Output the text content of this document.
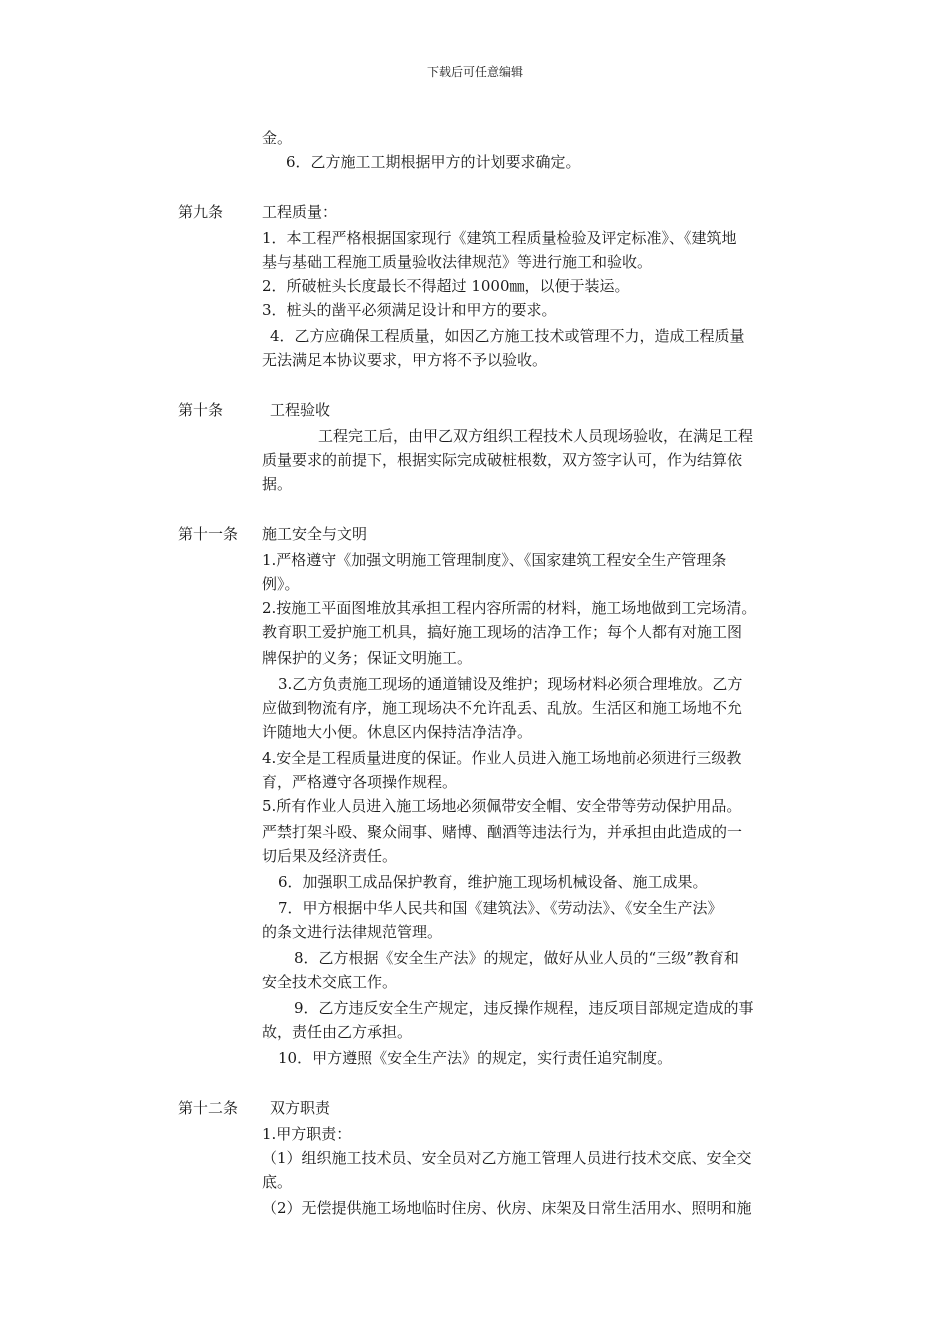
下载后可任意编辑
金。
6．乙方施工工期根据甲方的计划要求确定。
第九条	工程质量：
1．本工程严格根据国家现行《建筑工程质量检验及评定标准》、《建筑地
基与基础工程施工质量验收法律规范》等进行施工和验收。
2．所破桩头长度最长不得超过 1000㎜，以便于装运。
3．桩头的凿平必须满足设计和甲方的要求。
4．乙方应确保工程质量，如因乙方施工技术或管理不力，造成工程质量
无法满足本协议要求，甲方将不予以验收。
第十条	工程验收
工程完工后，由甲乙双方组织工程技术人员现场验收，在满足工程
质量要求的前提下，根据实际完成破桩根数，双方签字认可，作为结算依
据。
第十一条 施工安全与文明
1.严格遵守《加强文明施工管理制度》、《国家建筑工程安全生产管理条
例》。
2.按施工平面图堆放其承担工程内容所需的材料，施工场地做到工完场清。
教育职工爱护施工机具，搞好施工现场的洁净工作；每个人都有对施工图
牌保护的义务；保证文明施工。
3.乙方负责施工现场的通道铺设及维护；现场材料必须合理堆放。乙方
应做到物流有序，施工现场决不允许乱丢、乱放。生活区和施工场地不允
许随地大小便。休息区内保持洁净洁净。
4.安全是工程质量进度的保证。作业人员进入施工场地前必须进行三级教
育，严格遵守各项操作规程。
5.所有作业人员进入施工场地必须佩带安全帽、安全带等劳动保护用品。
严禁打架斗殴、聚众闹事、赌博、酗酒等违法行为，并承担由此造成的一
切后果及经济责任。
6．加强职工成品保护教育，维护施工现场机械设备、施工成果。
7．甲方根据中华人民共和国《建筑法》、《劳动法》、《安全生产法》
的条文进行法律规范管理。
8．乙方根据《安全生产法》的规定，做好从业人员的“三级”教育和
安全技术交底工作。
9．乙方违反安全生产规定，违反操作规程，违反项目部规定造成的事
故，责任由乙方承担。
10．甲方遵照《安全生产法》的规定，实行责任追究制度。
第十二条 双方职责
1.甲方职责：
（1）组织施工技术员、安全员对乙方施工管理人员进行技术交底、安全交
底。
（2）无偿提供施工场地临时住房、伙房、床架及日常生活用水、照明和施
